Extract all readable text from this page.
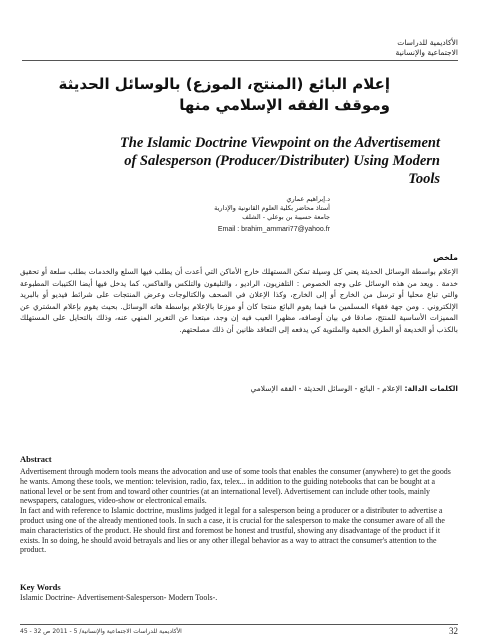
الأكاديمية للدراسات
الاجتماعية والإنسانية
إعلام البائع (المنتج، الموزع) بالوسائل الحديثة وموقف الفقه الإسلامي منها
The Islamic Doctrine Viewpoint on the Advertisement of Salesperson (Producer/Distributer) Using Modern Tools
د.إبراهيم عماري
أستاذ محاضر بكلية العلوم القانونية والإدارية
جامعة حسيبة بن بوعلي - الشلف
Email : brahim_ammari77@yahoo.fr
ملخص
الإعلام بواسطة الوسائل الحديثة يعني كل وسيلة تمكن المستهلك خارج الأماكن التي أعدت أن يطلب فيها السلع والخدمات بطلب سلعة أو تحقيق خدمة . ويعد من هذه الوسائل على وجه الخصوص : التلفزيون، الراديو ، والتليفون والتلكس والفاكس، كما يدخل فيها أيضا الكتيبات المطبوعة والتي تباع محليا أو ترسل من الخارج أو إلى الخارج، وكذا الإعلان في الصحف والكتالوجات وعرض المنتجات على شرائط فيديو أو بالبريد الإلكتروني . ومن جهة فقهاء المسلمين ما فيما يقوم البائع منتجا كان أو موزعا بالإعلام بواسطة هاته الوسائل. بحيث يقوم بإعلام المشتري عن المميزات الأساسية للمنتج، صادقا في بيان أوصافه، مظهرا العيب فيه إن وجد، مبتعدا عن التغرير المنهي عنه، وذلك بالتحايل على المستهلك بالكذب أو الخديعة أو الطرق الخفية والملتوية كي يدفعه إلى التعاقد ظانين أن ذلك مصلحتهم.
الكلمات الدالة: الإعلام - البائع - الوسائل الحديثة - الفقه الإسلامي
Abstract

Advertisement through modern tools means the advocation and use of some tools that enables the consumer (anywhere) to get the goods he wants. Among these tools, we mention: television, radio, fax, telex... in addition to the guiding notebooks that can be bought at a national level or be sent from and toward other countries (at an international level). Advertisement can include other tools, mainly newspapers, catalogues, video-show or electronical emails.

In fact and with reference to Islamic doctrine, muslims judged it legal for a salesperson being a producer or a distributer to advertise a product using one of the already mentioned tools. In such a case, it is crucial for the salesperson to make the consumer aware of all the main characteristics of the product. He should first and foremost be honest and trustful, showing any disadvantage of the product if it exists. In so doing, he should avoid betrayals and lies or any other illegal behavior as a way to attract the consumer's attention to the product.

Key Words
Islamic Doctrine- Advertisement-Salesperson- Modern Tools-.
الأكاديمية للدراسات الاجتماعية والإنسانية/ 5 - 2011 ص 32 - 45	32
